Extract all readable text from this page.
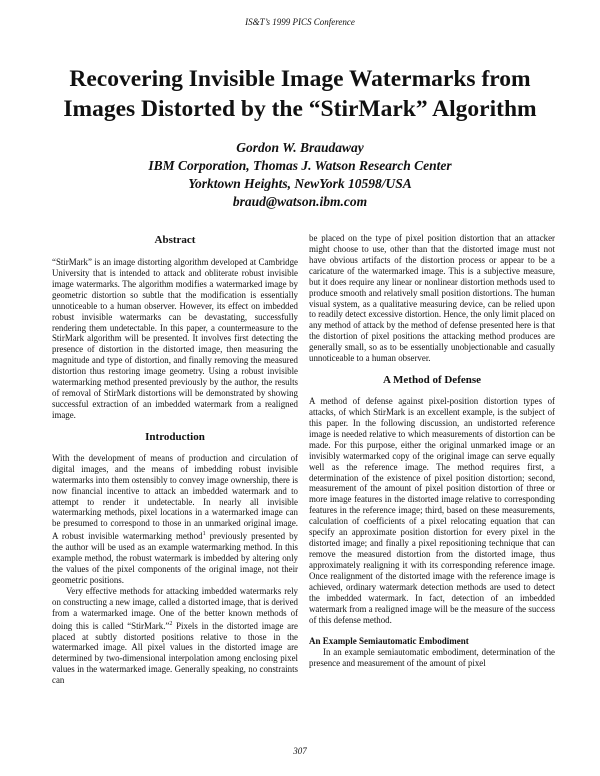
IS&T’s 1999 PICS Conference
Recovering Invisible Image Watermarks from
Images Distorted by the “StirMark” Algorithm
Gordon W. Braudaway
IBM Corporation, Thomas J. Watson Research Center
Yorktown Heights, NewYork 10598/USA
braud@watson.ibm.com
Abstract

“StirMark” is an image distorting algorithm developed at Cambridge University that is intended to attack and obliterate robust invisible image watermarks. The algorithm modifies a watermarked image by geometric distortion so subtle that the modification is essentially unnoticeable to a human observer. However, its effect on imbedded robust invisible watermarks can be devastating, successfully rendering them undetectable. In this paper, a countermeasure to the StirMark algorithm will be presented. It involves first detecting the presence of distortion in the distorted image, then measuring the magnitude and type of distortion, and finally removing the measured distortion thus restoring image geometry. Using a robust invisible watermarking method presented previously by the author, the results of removal of StirMark distortions will be demonstrated by showing successful extraction of an imbedded watermark from a realigned image.

Introduction

With the development of means of production and circulation of digital images, and the means of imbedding robust invisible watermarks into them ostensibly to convey image ownership, there is now financial incentive to attack an imbedded watermark and to attempt to render it undetectable. In nearly all invisible watermarking methods, pixel locations in a watermarked image can be presumed to correspond to those in an unmarked original image. A robust invisible watermarking method$^1$ previously presented by the author will be used as an example watermarking method. In this example method, the robust watermark is imbedded by altering only the values of the pixel components of the original image, not their geometric positions.

Very effective methods for attacking imbedded watermarks rely on constructing a new image, called a distorted image, that is derived from a watermarked image. One of the better known methods of doing this is called “StirMark.”$^2$ Pixels in the distorted image are placed at subtly distorted positions relative to those in the watermarked image. All pixel values in the distorted image are determined by two-dimensional interpolation among enclosing pixel values in the watermarked image. Generally speaking, no constraints can

be placed on the type of pixel position distortion that an attacker might choose to use, other than that the distorted image must not have obvious artifacts of the distortion process or appear to be a caricature of the watermarked image. This is a subjective measure, but it does require any linear or nonlinear distortion methods used to produce smooth and relatively small position distortions. The human visual system, as a qualitative measuring device, can be relied upon to readily detect excessive distortion. Hence, the only limit placed on any method of attack by the method of defense presented here is that the distortion of pixel positions the attacking method produces are generally small, so as to be essentially unobjectionable and casually unnoticeable to a human observer.

A Method of Defense

A method of defense against pixel-position distortion types of attacks, of which StirMark is an excellent example, is the subject of this paper. In the following discussion, an undistorted reference image is needed relative to which measurements of distortion can be made. For this purpose, either the original unmarked image or an invisibly watermarked copy of the original image can serve equally well as the reference image. The method requires first, a determination of the existence of pixel position distortion; second, measurement of the amount of pixel position distortion of three or more image features in the distorted image relative to corresponding features in the reference image; third, based on these measurements, calculation of coefficients of a pixel relocating equation that can specify an approximate position distortion for every pixel in the distorted image; and finally a pixel repositioning technique that can remove the measured distortion from the distorted image, thus approximately realigning it with its corresponding reference image. Once realignment of the distorted image with the reference image is achieved, ordinary watermark detection methods are used to detect the imbedded watermark. In fact, detection of an imbedded watermark from a realigned image will be the measure of the success of this defense method.

An Example Semiautomatic Embodiment

In an example semiautomatic embodiment, determination of the presence and measurement of the amount of pixel

307
